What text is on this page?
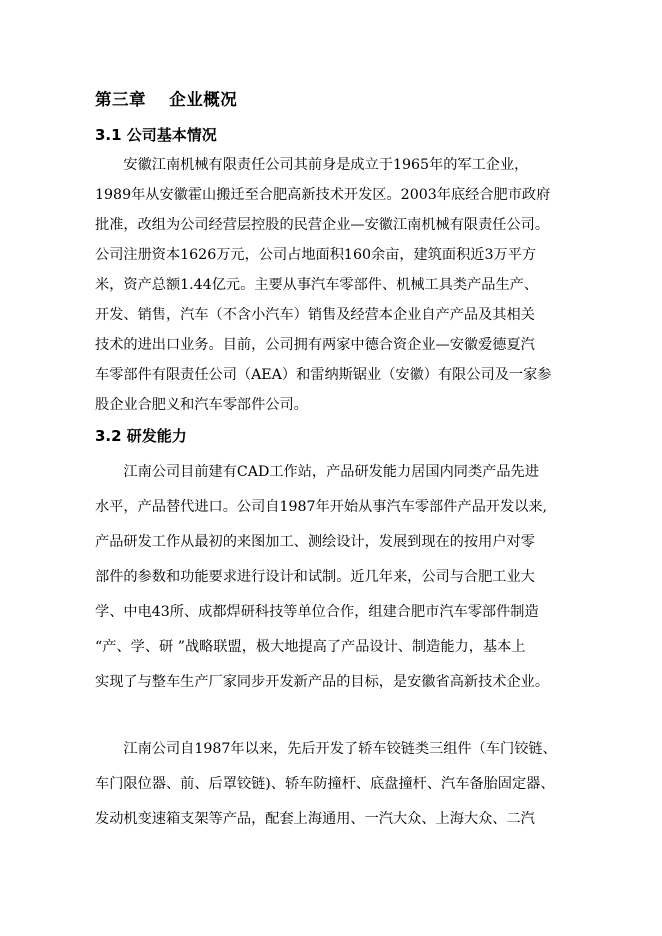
第三章　 企业概况
3.1 公司基本情况
　　安徽江南机械有限责任公司其前身是成立于1965年的军工企业，
1989年从安徽霍山搬迁至合肥高新技术开发区。2003年底经合肥市政府
批准，改组为公司经营层控股的民营企业—安徽江南机械有限责任公司。
公司注册资本1626万元，公司占地面积160余亩，建筑面积近3万平方
米，资产总额1.44亿元。主要从事汽车零部件、机械工具类产品生产、
开发、销售，汽车（不含小汽车）销售及经营本企业自产产品及其相关
技术的进出口业务。目前，公司拥有两家中德合资企业—安徽爱德夏汽
车零部件有限责任公司（AEA）和雷纳斯锯业（安徽）有限公司及一家参
股企业合肥义和汽车零部件公司。
3.2 研发能力
　　江南公司目前建有CAD工作站，产品研发能力居国内同类产品先进
水平，产品替代进口。公司自1987年开始从事汽车零部件产品开发以来,
产品研发工作从最初的来图加工、测绘设计，发展到现在的按用户对零
部件的参数和功能要求进行设计和试制。近几年来，公司与合肥工业大
学、中电43所、成都焊研科技等单位合作，组建合肥市汽车零部件制造
“产、学、研 ”战略联盟，极大地提高了产品设计、制造能力，基本上
实现了与整车生产厂家同步开发新产品的目标，是安徽省高新技术企业。
　　江南公司自1987年以来，先后开发了轿车铰链类三组件（车门铰链、
车门限位器、前、后罩铰链)、轿车防撞杆、底盘撞杆、汽车备胎固定器、
发动机变速箱支架等产品，配套上海通用、一汽大众、上海大众、二汽
